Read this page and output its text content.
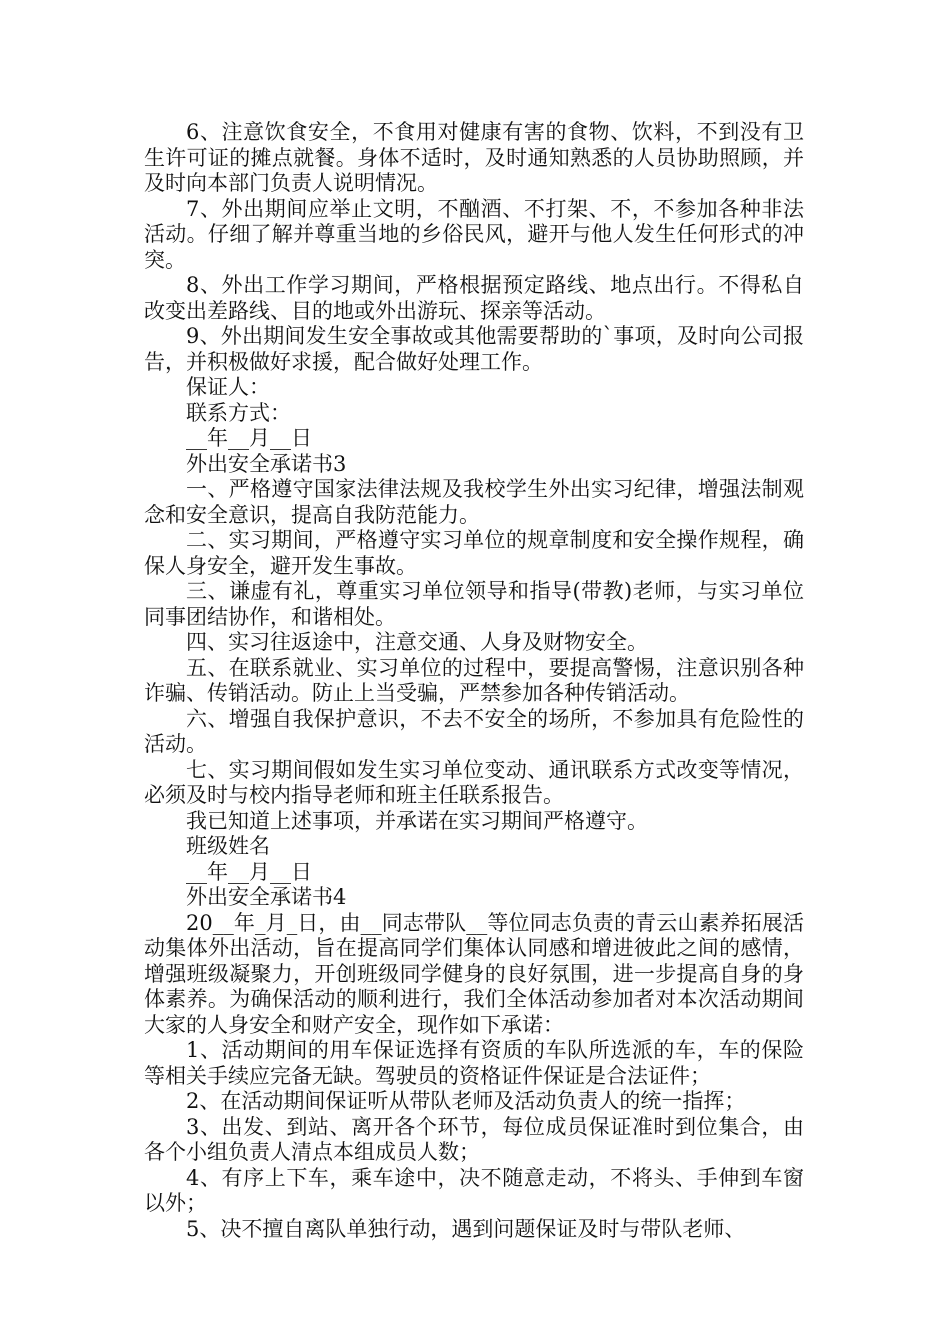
6、注意饮食安全，不食用对健康有害的食物、饮料，不到没有卫生许可证的摊点就餐。身体不适时，及时通知熟悉的人员协助照顾，并及时向本部门负责人说明情况。

7、外出期间应举止文明，不酗酒、不打架、不，不参加各种非法活动。仔细了解并尊重当地的乡俗民风，避开与他人发生任何形式的冲突。

8、外出工作学习期间，严格根据预定路线、地点出行。不得私自改变出差路线、目的地或外出游玩、探亲等活动。

9、外出期间发生安全事故或其他需要帮助的`事项，及时向公司报告，并积极做好求援，配合做好处理工作。

保证人：

联系方式：

__年__月__日

外出安全承诺书3

一、严格遵守国家法律法规及我校学生外出实习纪律，增强法制观念和安全意识，提高自我防范能力。

二、实习期间，严格遵守实习单位的规章制度和安全操作规程，确保人身安全，避开发生事故。

三、谦虚有礼，尊重实习单位领导和指导(带教)老师，与实习单位同事团结协作，和谐相处。

四、实习往返途中，注意交通、人身及财物安全。

五、在联系就业、实习单位的过程中，要提高警惕，注意识别各种诈骗、传销活动。防止上当受骗，严禁参加各种传销活动。

六、增强自我保护意识，不去不安全的场所，不参加具有危险性的活动。

七、实习期间假如发生实习单位变动、通讯联系方式改变等情况，必须及时与校内指导老师和班主任联系报告。

我已知道上述事项，并承诺在实习期间严格遵守。

班级姓名

__年__月__日

外出安全承诺书4

20__年_月_日，由__同志带队__等位同志负责的青云山素养拓展活动集体外出活动，旨在提高同学们集体认同感和增进彼此之间的感情，增强班级凝聚力，开创班级同学健身的良好氛围，进一步提高自身的身体素养。为确保活动的顺利进行，我们全体活动参加者对本次活动期间大家的人身安全和财产安全，现作如下承诺：

1、活动期间的用车保证选择有资质的车队所选派的车，车的保险等相关手续应完备无缺。驾驶员的资格证件保证是合法证件；

2、在活动期间保证听从带队老师及活动负责人的统一指挥；

3、出发、到站、离开各个环节，每位成员保证准时到位集合，由各个小组负责人清点本组成员人数；

4、有序上下车，乘车途中，决不随意走动，不将头、手伸到车窗以外；

5、决不擅自离队单独行动，遇到问题保证及时与带队老师、
